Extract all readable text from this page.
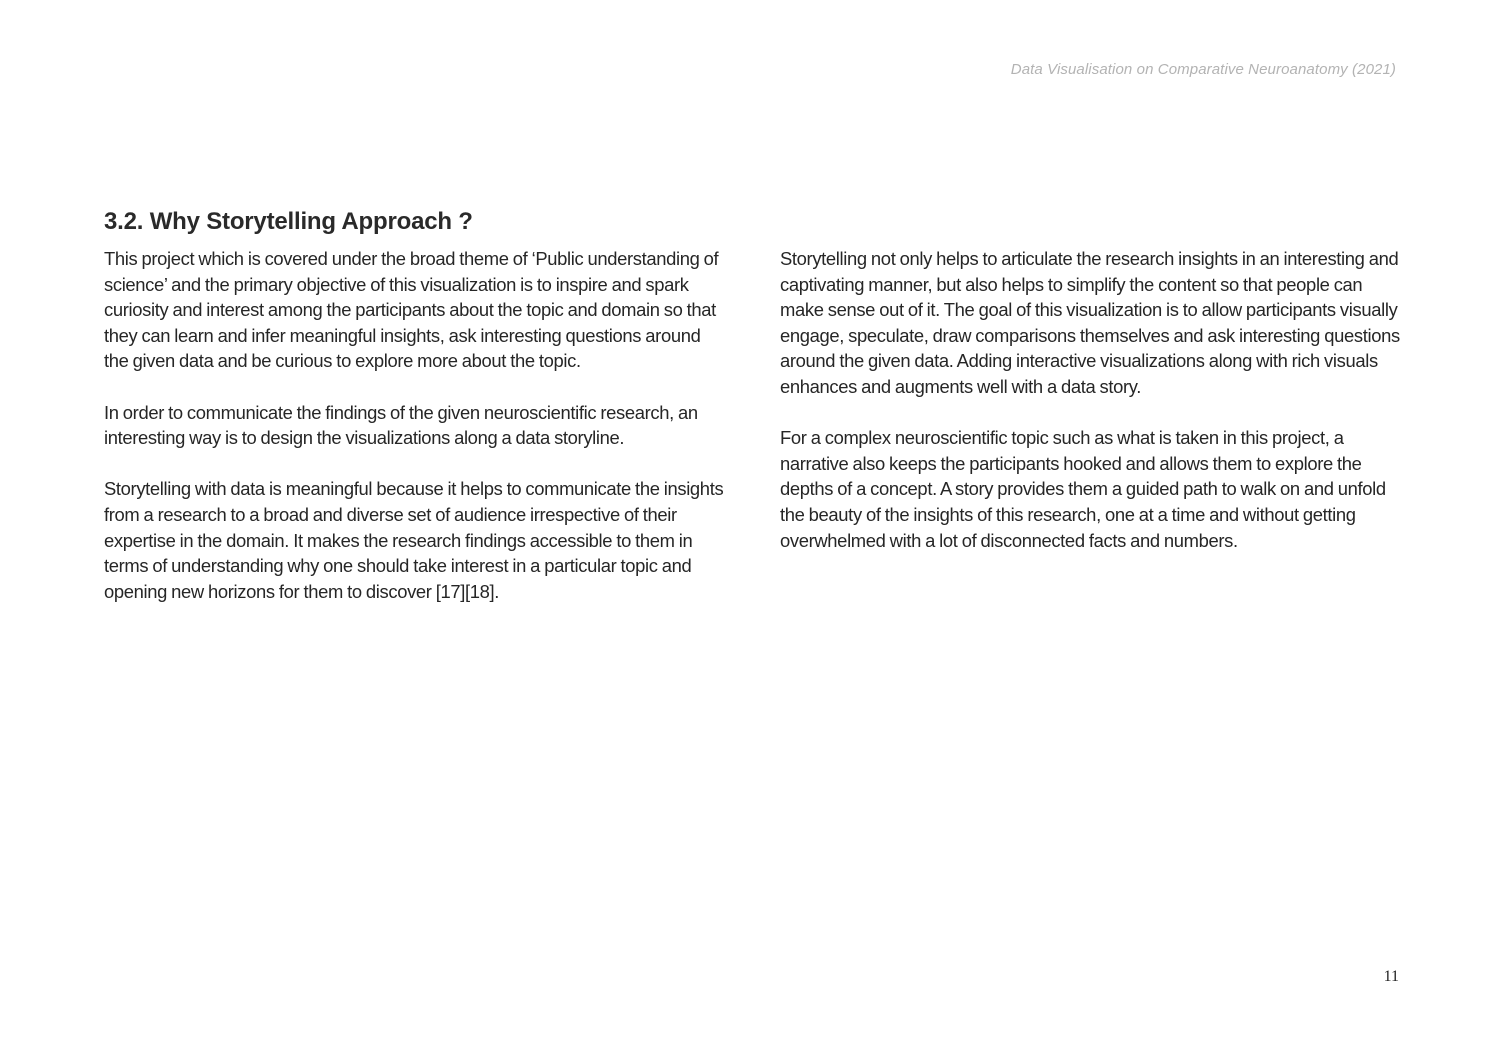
Data Visualisation on Comparative Neuroanatomy (2021)
3.2. Why Storytelling Approach ?

This project which is covered under the broad theme of ‘Public understanding of science’ and the primary objective of this visualization is to inspire and spark curiosity and interest among the participants about the topic and domain so that they can learn and infer meaningful insights, ask interesting questions around the given data and be curious to explore more about the topic.

In order to communicate the findings of the given neuroscientific research, an interesting way is to design the visualizations along a data storyline.

Storytelling with data is meaningful because it helps to communicate the insights from a research to a broad and diverse set of audience irrespective of their expertise in the domain. It makes the research findings accessible to them in terms of understanding why one should take interest in a particular topic and opening new horizons for them to discover [17][18].

Storytelling not only helps to articulate the research insights in an interesting and captivating manner, but also helps to simplify the content so that people can make sense out of it. The goal of this visualization is to allow participants visually engage, speculate, draw comparisons themselves and ask interesting questions around the given data. Adding interactive visualizations along with rich visuals enhances and augments well with a data story.

For a complex neuroscientific topic such as what is taken in this project, a narrative also keeps the participants hooked and allows them to explore the depths of a concept. A story provides them a guided path to walk on and unfold the beauty of the insights of this research, one at a time and without getting overwhelmed with a lot of disconnected facts and numbers.

11
